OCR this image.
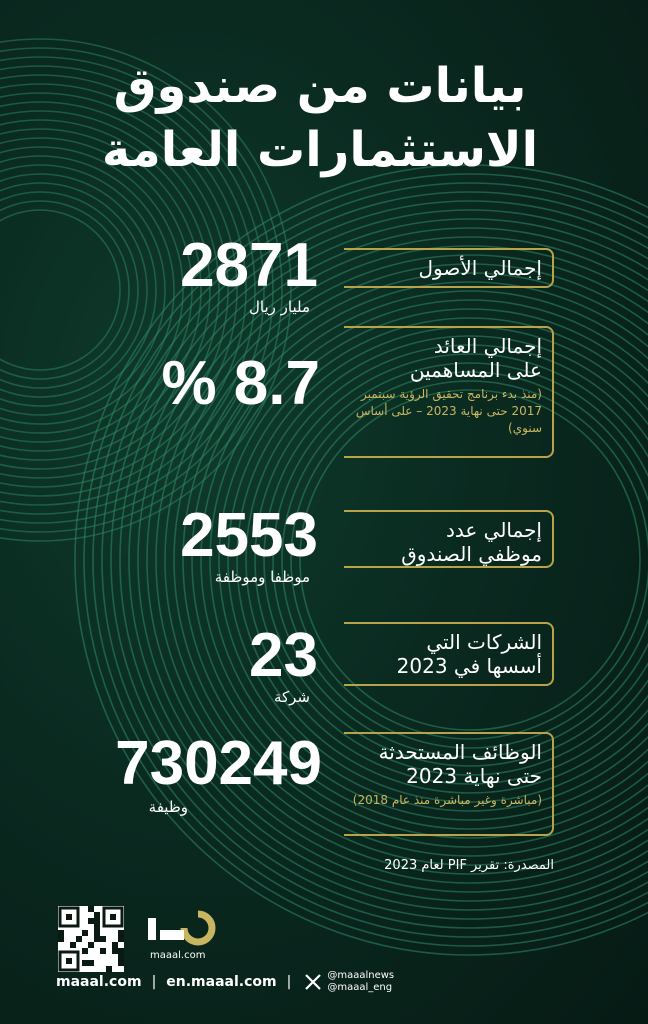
بيانات من صندوق
الاستثمارات العامة
2871
مليار ريال
إجمالي الأصول
% 8.7
إجمالي العائد
على المساهمين
(منذ بدء برنامج تحقيق الرؤية سبتمبر 2017 حتى نهاية 2023 – على أساس سنوي)
2553
موظفا وموظفة
إجمالي عدد
موظفي الصندوق
23
شركة
الشركات التي
أسسها في 2023
730249
وظيفة
الوظائف المستحدثة
حتى نهاية 2023
(مباشرة وغير مباشرة منذ عام 2018)
المصدرة: تقرير PIF لعام 2023
maaal.com
maaal.com | en.maaal.com |	@maaalnews
@maaal_eng
